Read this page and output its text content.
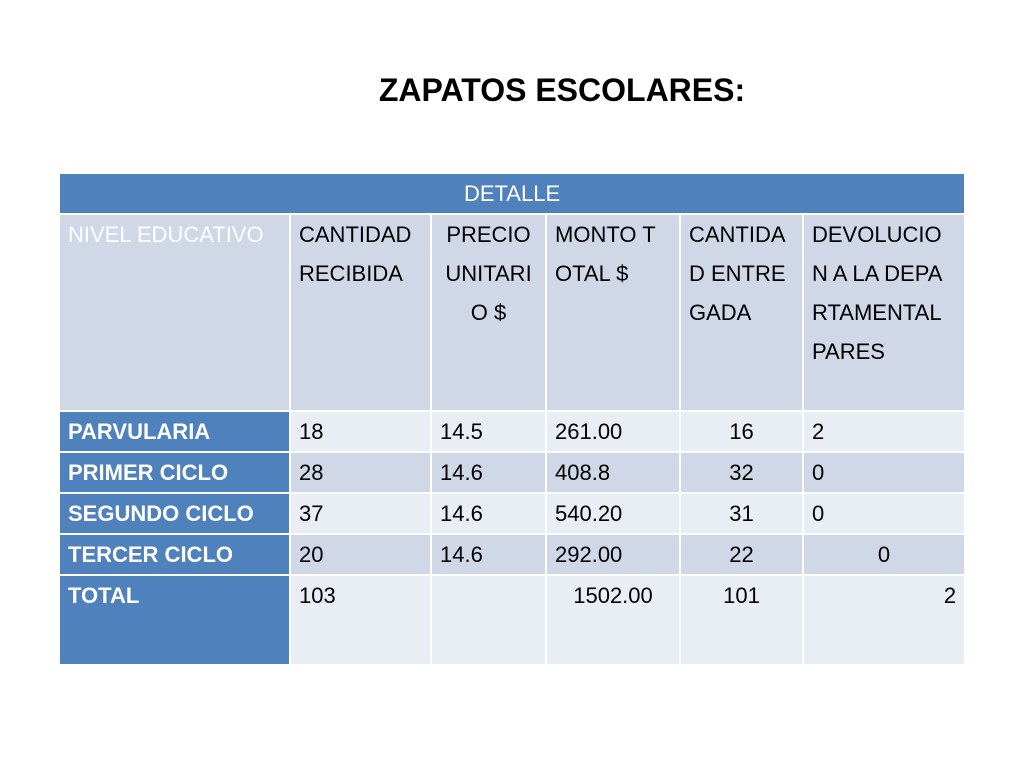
ZAPATOS ESCOLARES:
DETALLE					
NIVEL EDUCATIVO	CANTIDAD RECIBIDA	PRECIO UNITARIO $	MONTO TOTAL $	CANTIDAD ENTREGADA	DEVOLUCION A LA DEPARTAMENTAL PARES
PARVULARIA	18	14.5	261.00	16	2
PRIMER CICLO	28	14.6	408.8	32	0
SEGUNDO CICLO	37	14.6	540.20	31	0
TERCER CICLO	20	14.6	292.00	22	0
TOTAL	103		1502.00	101	2
